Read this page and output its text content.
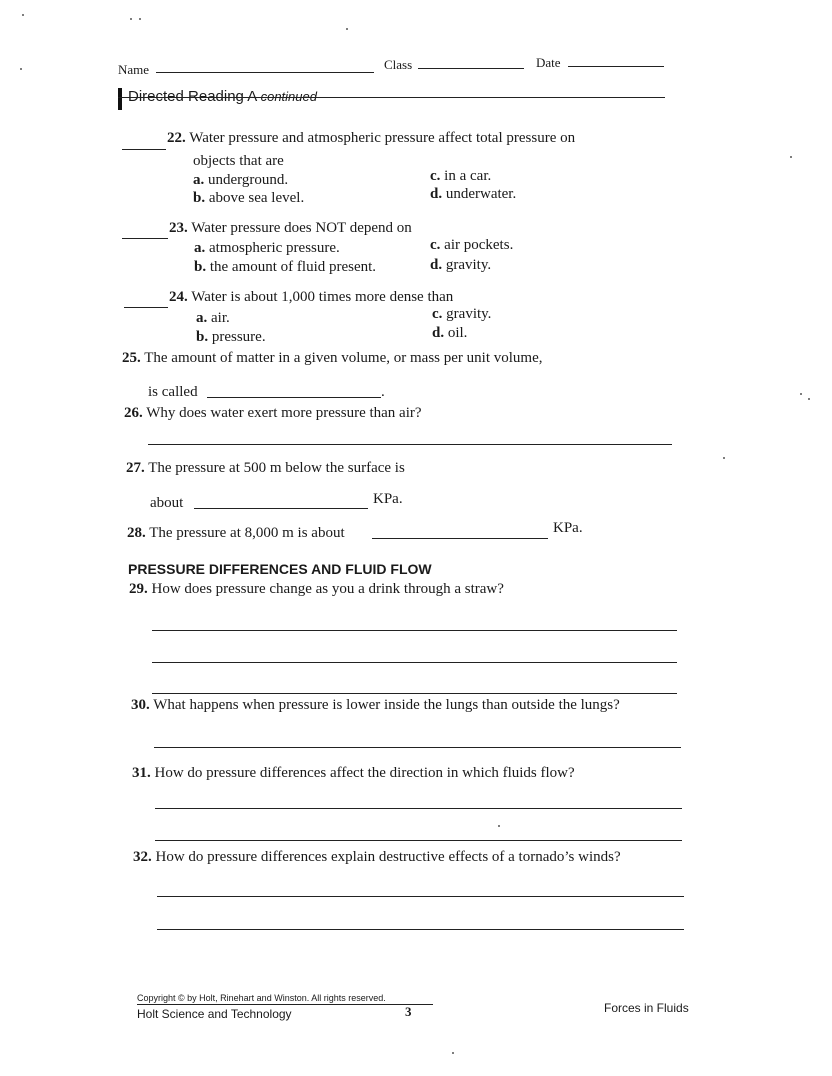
Name	Class	Date
Directed Reading A continued
22. Water pressure and atmospheric pressure affect total pressure on
objects that are
a. underground.
b. above sea level.
c. in a car.
d. underwater.
23. Water pressure does NOT depend on
a. atmospheric pressure.
b. the amount of fluid present.
c. air pockets.
d. gravity.
24. Water is about 1,000 times more dense than
a. air.
b. pressure.
c. gravity.
d. oil.
25. The amount of matter in a given volume, or mass per unit volume,
is called	.
26. Why does water exert more pressure than air?
27. The pressure at 500 m below the surface is
about	KPa.
28. The pressure at 8,000 m is about	KPa.
PRESSURE DIFFERENCES AND FLUID FLOW
29. How does pressure change as you a drink through a straw?
30. What happens when pressure is lower inside the lungs than outside the lungs?
31. How do pressure differences affect the direction in which fluids flow?
32. How do pressure differences explain destructive effects of a tornado’s winds?
Copyright © by Holt, Rinehart and Winston. All rights reserved.
Holt Science and Technology	3	Forces in Fluids
